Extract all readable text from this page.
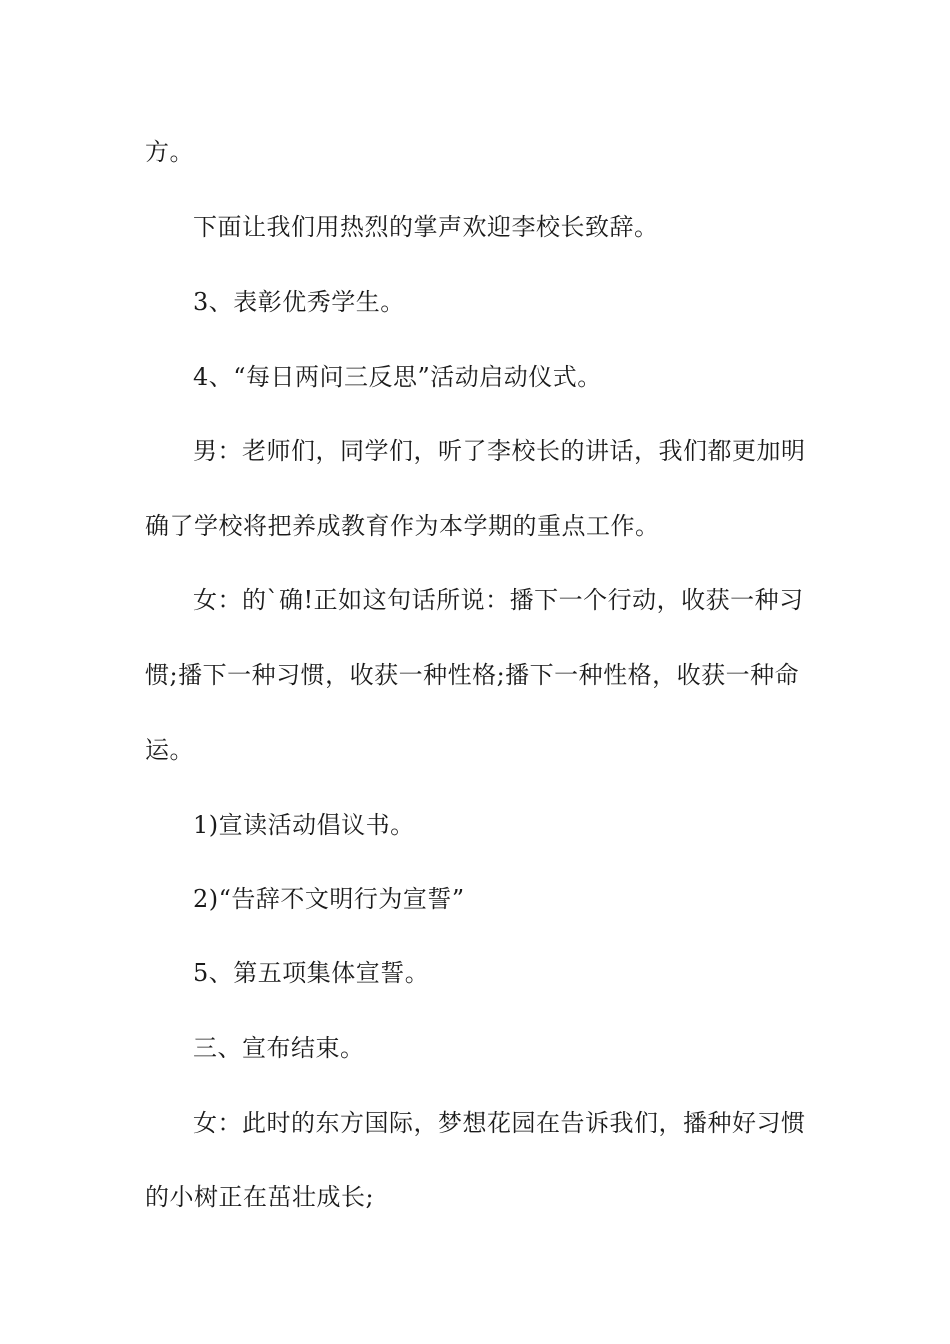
方。

下面让我们用热烈的掌声欢迎李校长致辞。

3、表彰优秀学生。

4、“每日两问三反思”活动启动仪式。

男：老师们，同学们，听了李校长的讲话，我们都更加明

确了学校将把养成教育作为本学期的重点工作。

女：的`确!正如这句话所说：播下一个行动，收获一种习

惯;播下一种习惯，收获一种性格;播下一种性格，收获一种命

运。

1)宣读活动倡议书。

2)“告辞不文明行为宣誓”

5、第五项集体宣誓。

三、宣布结束。

女：此时的东方国际，梦想花园在告诉我们，播种好习惯

的小树正在茁壮成长;
